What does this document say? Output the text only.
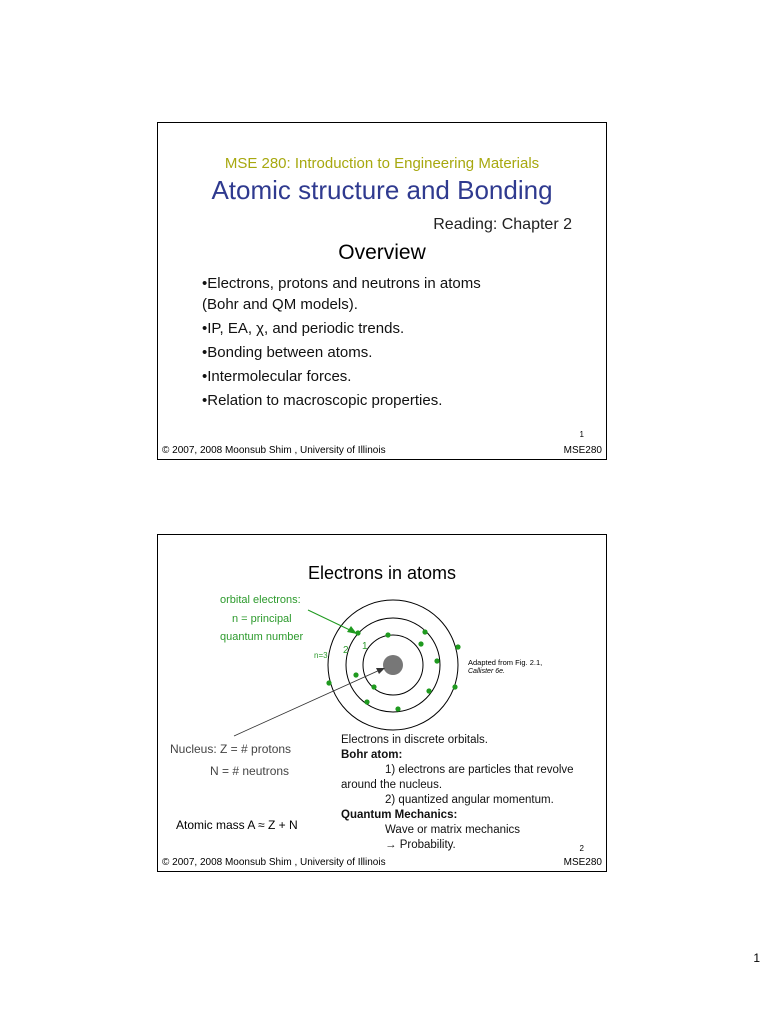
MSE 280: Introduction to Engineering Materials
Atomic structure and Bonding
Reading: Chapter 2
Overview
•Electrons, protons and neutrons in atoms
(Bohr and QM models).
•IP, EA, χ, and periodic trends.
•Bonding between atoms.
•Intermolecular forces.
•Relation to macroscopic properties.
1
© 2007, 2008 Moonsub Shim , University of Illinois	MSE280
Electrons in atoms
orbital electrons:
n = principal
quantum number
n=3 2 1
Adapted from Fig. 2.1,
Callister 6e.
Nucleus: Z = # protons
N = # neutrons
Atomic mass A ≈ Z + N
Electrons in discrete orbitals.
Bohr atom:
1) electrons are particles that revolve
around the nucleus.
2) quantized angular momentum.
Quantum Mechanics:
Wave or matrix mechanics
→ Probability.	2
© 2007, 2008 Moonsub Shim , University of Illinois	MSE280
1
